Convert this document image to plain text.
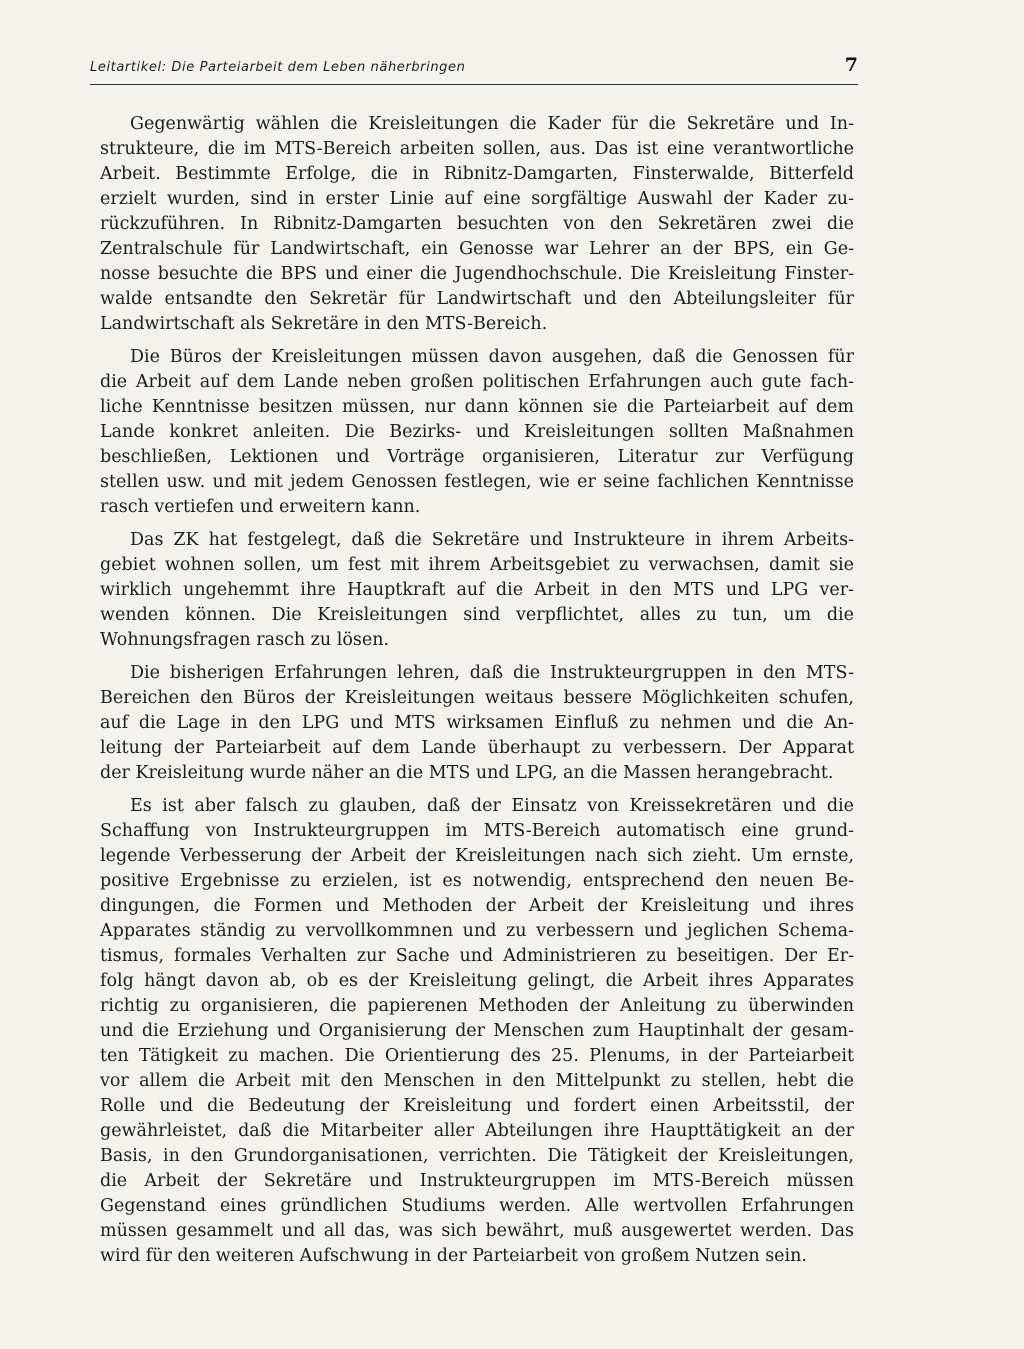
Leitartikel: Die Parteiarbeit dem Leben näherbringen	7
Gegenwärtig wählen die Kreisleitungen die Kader für die Sekretäre und In-
strukteure, die im MTS-Bereich arbeiten sollen, aus. Das ist eine verantwortliche
Arbeit. Bestimmte Erfolge, die in Ribnitz-Damgarten, Finsterwalde, Bitterfeld
erzielt wurden, sind in erster Linie auf eine sorgfältige Auswahl der Kader zu-
rückzuführen. In Ribnitz-Damgarten besuchten von den Sekretären zwei die
Zentralschule für Landwirtschaft, ein Genosse war Lehrer an der BPS, ein Ge-
nosse besuchte die BPS und einer die Jugendhochschule. Die Kreisleitung Finster-
walde entsandte den Sekretär für Landwirtschaft und den Abteilungsleiter für
Landwirtschaft als Sekretäre in den MTS-Bereich.
Die Büros der Kreisleitungen müssen davon ausgehen, daß die Genossen für
die Arbeit auf dem Lande neben großen politischen Erfahrungen auch gute fach-
liche Kenntnisse besitzen müssen, nur dann können sie die Parteiarbeit auf dem
Lande konkret anleiten. Die Bezirks- und Kreisleitungen sollten Maßnahmen
beschließen, Lektionen und Vorträge organisieren, Literatur zur Verfügung
stellen usw. und mit jedem Genossen festlegen, wie er seine fachlichen Kenntnisse
rasch vertiefen und erweitern kann.
Das ZK hat festgelegt, daß die Sekretäre und Instrukteure in ihrem Arbeits-
gebiet wohnen sollen, um fest mit ihrem Arbeitsgebiet zu verwachsen, damit sie
wirklich ungehemmt ihre Hauptkraft auf die Arbeit in den MTS und LPG ver-
wenden können. Die Kreisleitungen sind verpflichtet, alles zu tun, um die
Wohnungsfragen rasch zu lösen.
Die bisherigen Erfahrungen lehren, daß die Instrukteurgruppen in den MTS-
Bereichen den Büros der Kreisleitungen weitaus bessere Möglichkeiten schufen,
auf die Lage in den LPG und MTS wirksamen Einfluß zu nehmen und die An-
leitung der Parteiarbeit auf dem Lande überhaupt zu verbessern. Der Apparat
der Kreisleitung wurde näher an die MTS und LPG, an die Massen herangebracht.
Es ist aber falsch zu glauben, daß der Einsatz von Kreissekretären und die
Schaffung von Instrukteurgruppen im MTS-Bereich automatisch eine grund-
legende Verbesserung der Arbeit der Kreisleitungen nach sich zieht. Um ernste,
positive Ergebnisse zu erzielen, ist es notwendig, entsprechend den neuen Be-
dingungen, die Formen und Methoden der Arbeit der Kreisleitung und ihres
Apparates ständig zu vervollkommnen und zu verbessern und jeglichen Schema-
tismus, formales Verhalten zur Sache und Administrieren zu beseitigen. Der Er-
folg hängt davon ab, ob es der Kreisleitung gelingt, die Arbeit ihres Apparates
richtig zu organisieren, die papierenen Methoden der Anleitung zu überwinden
und die Erziehung und Organisierung der Menschen zum Hauptinhalt der gesam-
ten Tätigkeit zu machen. Die Orientierung des 25. Plenums, in der Parteiarbeit
vor allem die Arbeit mit den Menschen in den Mittelpunkt zu stellen, hebt die
Rolle und die Bedeutung der Kreisleitung und fordert einen Arbeitsstil, der
gewährleistet, daß die Mitarbeiter aller Abteilungen ihre Haupttätigkeit an der
Basis, in den Grundorganisationen, verrichten. Die Tätigkeit der Kreisleitungen,
die Arbeit der Sekretäre und Instrukteurgruppen im MTS-Bereich müssen
Gegenstand eines gründlichen Studiums werden. Alle wertvollen Erfahrungen
müssen gesammelt und all das, was sich bewährt, muß ausgewertet werden. Das
wird für den weiteren Aufschwung in der Parteiarbeit von großem Nutzen sein.
